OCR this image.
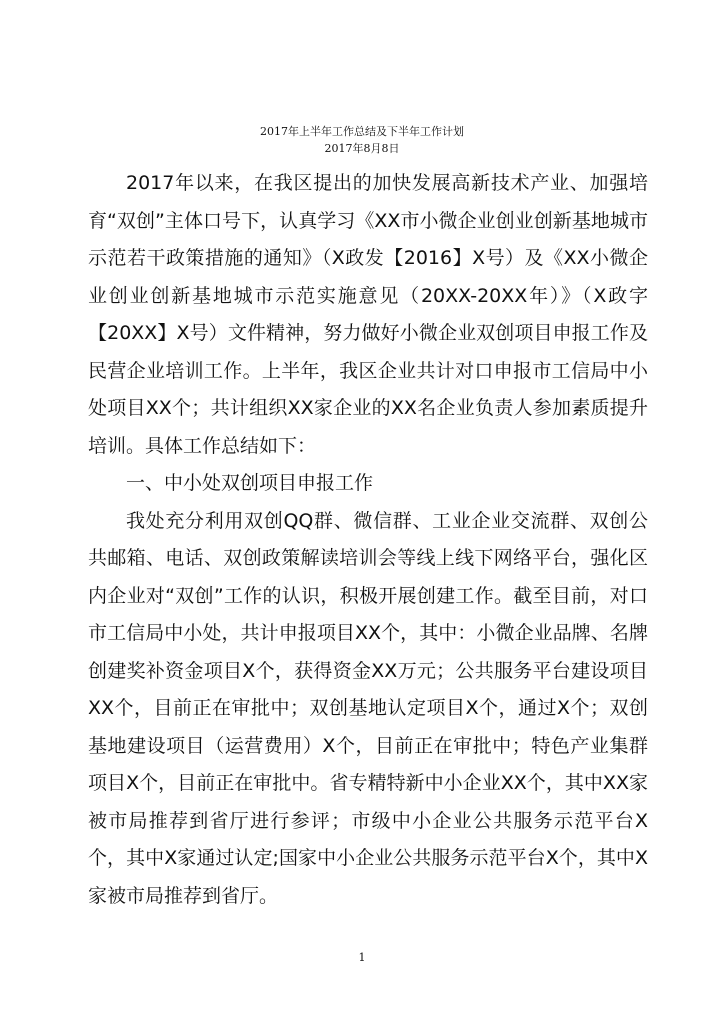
2017年上半年工作总结及下半年工作计划
2017年8月8日

2017年以来，在我区提出的加快发展高新技术产业、加强培育“双创”主体口号下，认真学习《XX市小微企业创业创新基地城市示范若干政策措施的通知》（X政发【2016】X号）及《XX小微企业创业创新基地城市示范实施意见（20XX-20XX年）》（X政字【20XX】X号）文件精神，努力做好小微企业双创项目申报工作及民营企业培训工作。上半年，我区企业共计对口申报市工信局中小处项目XX个；共计组织XX家企业的XX名企业负责人参加素质提升培训。具体工作总结如下：

一、中小处双创项目申报工作

我处充分利用双创QQ群、微信群、工业企业交流群、双创公共邮箱、电话、双创政策解读培训会等线上线下网络平台，强化区内企业对“双创”工作的认识，积极开展创建工作。截至目前，对口市工信局中小处，共计申报项目XX个，其中：小微企业品牌、名牌创建奖补资金项目X个，获得资金XX万元；公共服务平台建设项目XX个，目前正在审批中；双创基地认定项目X个，通过X个；双创基地建设项目（运营费用）X个，目前正在审批中；特色产业集群项目X个，目前正在审批中。省专精特新中小企业XX个，其中XX家被市局推荐到省厅进行参评；市级中小企业公共服务示范平台X个，其中X家通过认定;国家中小企业公共服务示范平台X个，其中X家被市局推荐到省厅。

1
